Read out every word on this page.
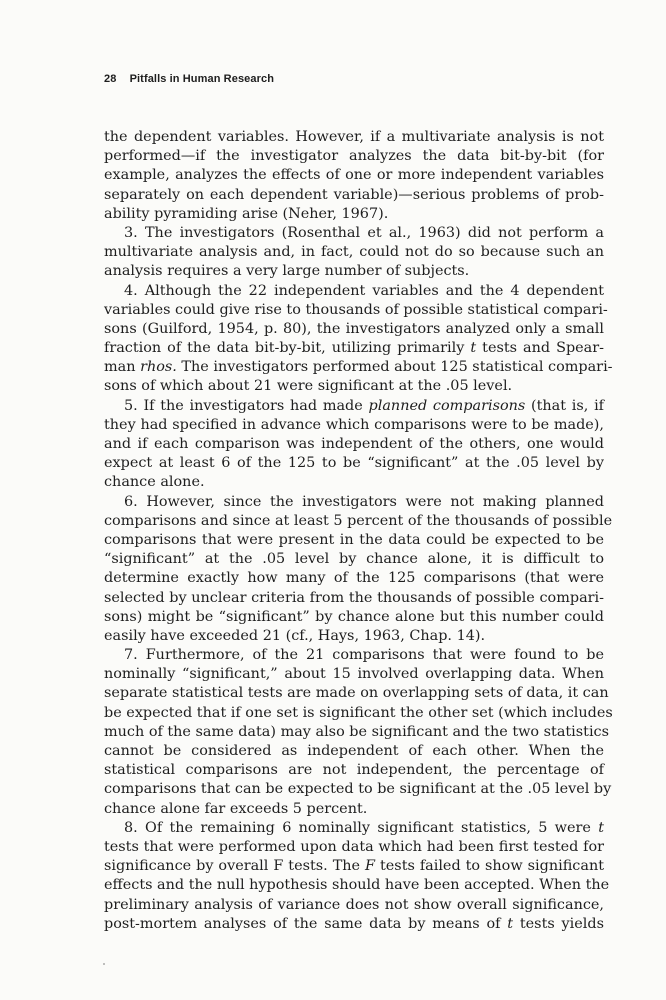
28 Pitfalls in Human Research
the dependent variables. However, if a multivariate analysis is not
performed—if the investigator analyzes the data bit-by-bit (for
example, analyzes the effects of one or more independent variables
separately on each dependent variable)—serious problems of prob-
ability pyramiding arise (Neher, 1967).
3. The investigators (Rosenthal et al., 1963) did not perform a
multivariate analysis and, in fact, could not do so because such an
analysis requires a very large number of subjects.
4. Although the 22 independent variables and the 4 dependent
variables could give rise to thousands of possible statistical compari-
sons (Guilford, 1954, p. 80), the investigators analyzed only a small
fraction of the data bit-by-bit, utilizing primarily t tests and Spear-
man rhos. The investigators performed about 125 statistical compari-
sons of which about 21 were significant at the .05 level.
5. If the investigators had made planned comparisons (that is, if
they had specified in advance which comparisons were to be made),
and if each comparison was independent of the others, one would
expect at least 6 of the 125 to be “significant” at the .05 level by
chance alone.
6. However, since the investigators were not making planned
comparisons and since at least 5 percent of the thousands of possible
comparisons that were present in the data could be expected to be
“significant” at the .05 level by chance alone, it is difficult to
determine exactly how many of the 125 comparisons (that were
selected by unclear criteria from the thousands of possible compari-
sons) might be “significant” by chance alone but this number could
easily have exceeded 21 (cf., Hays, 1963, Chap. 14).
7. Furthermore, of the 21 comparisons that were found to be
nominally “significant,” about 15 involved overlapping data. When
separate statistical tests are made on overlapping sets of data, it can
be expected that if one set is significant the other set (which includes
much of the same data) may also be significant and the two statistics
cannot be considered as independent of each other. When the
statistical comparisons are not independent, the percentage of
comparisons that can be expected to be significant at the .05 level by
chance alone far exceeds 5 percent.
8. Of the remaining 6 nominally significant statistics, 5 were t
tests that were performed upon data which had been first tested for
significance by overall F tests. The F tests failed to show significant
effects and the null hypothesis should have been accepted. When the
preliminary analysis of variance does not show overall significance,
post-mortem analyses of the same data by means of t tests yields
